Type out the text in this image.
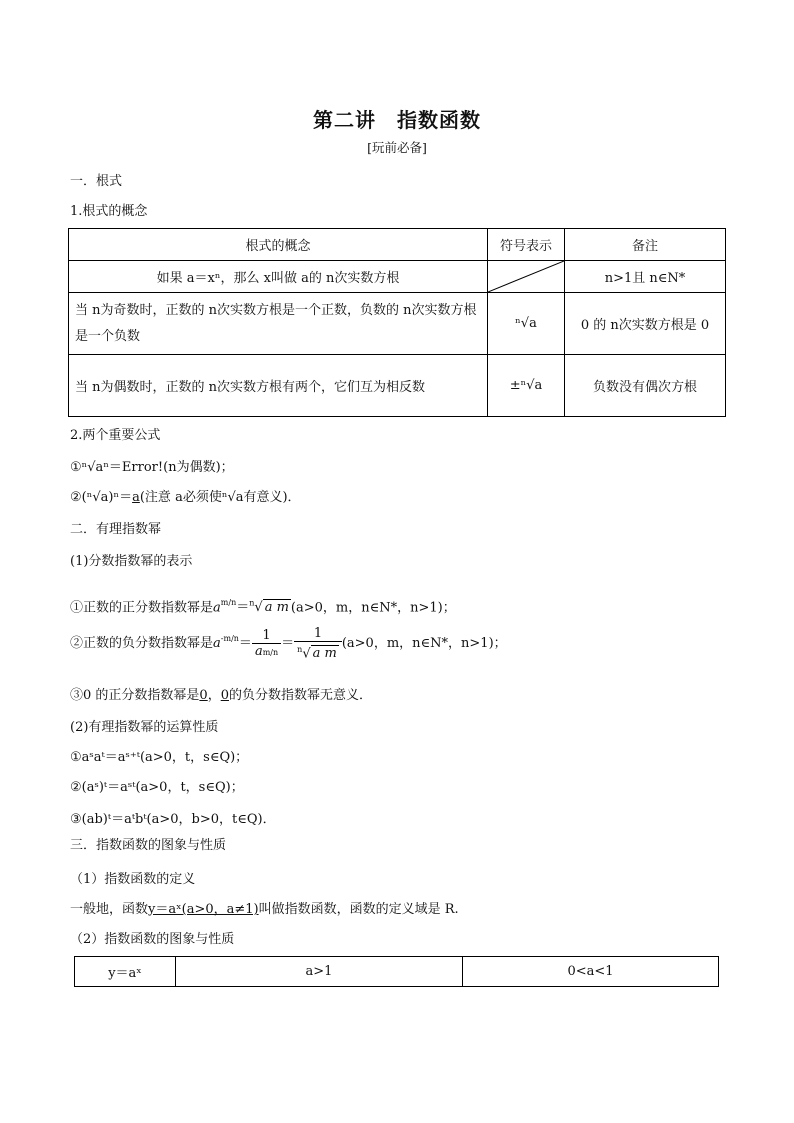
第二讲　指数函数
[玩前必备]
一．根式
1.根式的概念
根式的概念	符号表示	备注
如果 a＝xⁿ，那么 x叫做 a的 n次实数方根		n>1且 n∈N*
当 n为奇数时，正数的 n次实数方根是一个正数，负数的 n次实数方根是一个负数	ⁿ√a	0 的 n次实数方根是 0
当 n为偶数时，正数的 n次实数方根有两个，它们互为相反数	±ⁿ√a	负数没有偶次方根
2.两个重要公式
①ⁿ√aⁿ＝Error!(n为偶数)；
②(ⁿ√a)ⁿ＝a(注意 a必须使ⁿ√a有意义)．
二．有理指数幂
(1)分数指数幂的表示
①正数的正分数指数幂是$a^{m/n}=^n√$ a m (a>0，m，n∈N*，n>1)；
②正数的负分数指数幂是$a^{-m/n}= \frac{1}{am/n} = \frac{1}{^n√ a m} (a>0$，m，n∈N*，n>1)；
③0 的正分数指数幂是0，0的负分数指数幂无意义．
(2)有理指数幂的运算性质
①aˢaᵗ＝aˢ⁺ᵗ(a>0，t，s∈Q)；
②(aˢ)ᵗ＝aˢᵗ(a>0，t，s∈Q)；
③(ab)ᵗ＝aᵗbᵗ(a>0，b>0，t∈Q)．
三．指数函数的图象与性质
（1）指数函数的定义
一般地，函数y＝aˣ(a>0，a≠1)叫做指数函数，函数的定义域是 R.
（2）指数函数的图象与性质
y＝aˣ	a>1	0<a<1
